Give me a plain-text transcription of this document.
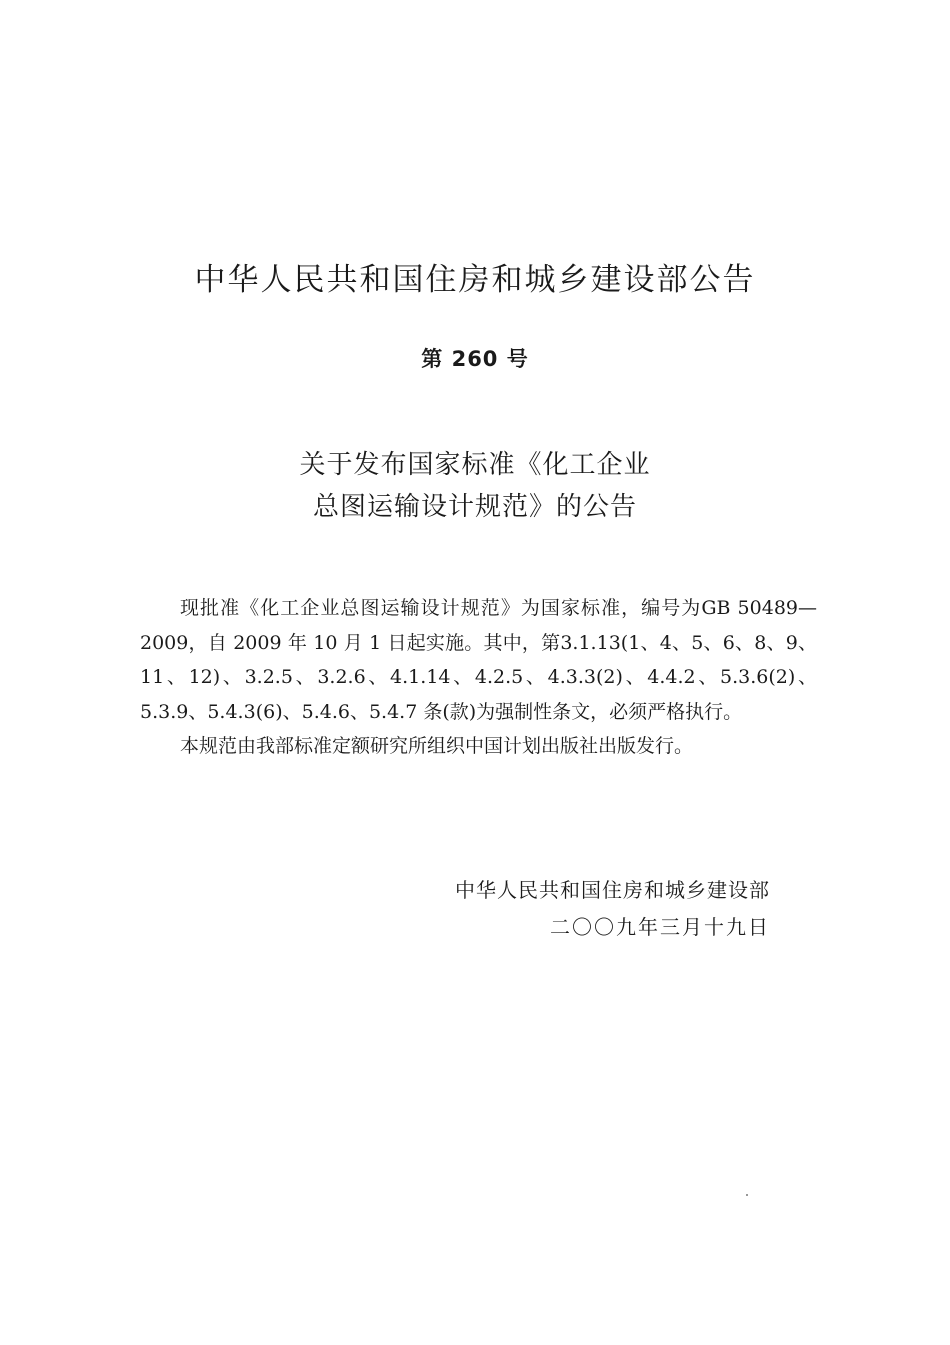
中华人民共和国住房和城乡建设部公告
第 260 号
关于发布国家标准《化工企业
总图运输设计规范》的公告

现批准《化工企业总图运输设计规范》为国家标准，编号为GB 50489—2009，自 2009 年 10 月 1 日起实施。其中，第3.1.13(1、4、5、6、8、9、11、12)、3.2.5、3.2.6、4.1.14、4.2.5、4.3.3(2)、4.4.2、5.3.6(2)、5.3.9、5.4.3(6)、5.4.6、5.4.7 条(款)为强制性条文，必须严格执行。

本规范由我部标准定额研究所组织中国计划出版社出版发行。

中华人民共和国住房和城乡建设部
二〇〇九年三月十九日
